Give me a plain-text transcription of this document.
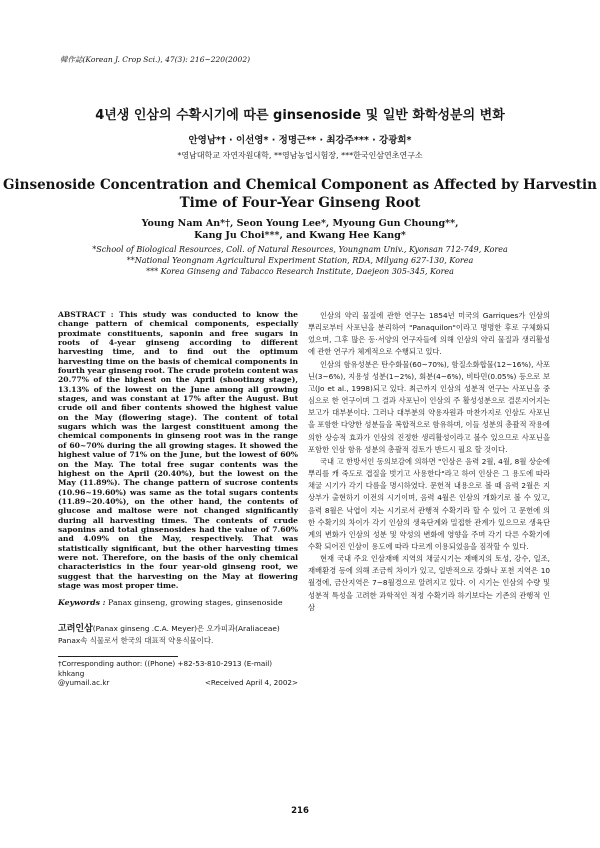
韓作誌(Korean J. Crop Sci.), 47(3): 216~220(2002)
4년생 인삼의 수확시기에 따른 ginsenoside 및 일반 화학성분의 변화
안영남*† · 이선영* · 정명근** · 최강주*** · 강광희*
*영남대학교 자연자원대학, **영남농업시험장, ***한국인삼연초연구소
Ginsenoside Concentration and Chemical Component as Affected by Harvestin Time of Four-Year Ginseng Root
Young Nam An*†, Seon Young Lee*, Myoung Gun Choung**,
Kang Ju Choi***, and Kwang Hee Kang*
*School of Biological Resources, Coll. of Natural Resources, Youngnam Univ., Kyonsan 712-749, Korea
**National Yeongnam Agricultural Experiment Station, RDA, Milyang 627-130, Korea
*** Korea Ginseng and Tabacco Research Institute, Daejeon 305-345, Korea

ABSTRACT : This study was conducted to know the change pattern of chemical components, especially proximate constituents, saponin and free sugars in roots of 4-year ginseng according to different harvesting time, and to find out the optimum harvesting time on the basis of chemical components in fourth year ginseng root. The crude protein content was 20.77% of the highest on the April (shootinzg stage), 13.13% of the lowest on the June among all growing stages, and was constant at 17% after the August. But crude oil and fiber contents showed the highest value on the May (flowering stage). The content of total sugars which was the largest constituent among the chemical components in ginseng root was in the range of 60~70% during the all growing stages. It showed the highest value of 71% on the June, but the lowest of 60% on the May. The total free sugar contents was the highest on the April (20.40%), but the lowest on the May (11.89%). The change pattern of sucrose contents (10.96~19.60%) was same as the total sugars contents (11.89~20.40%), on the other hand, the contents of glucose and maltose were not changed significantly during all harvesting times. The contents of crude saponins and total ginsenosides had the value of 7.60% and 4.09% on the May, respectively. That was statistically significant, but the other harvesting times were not. Therefore, on the basis of the only chemical characteristics in the four year-old ginseng root, we suggest that the harvesting on the May at flowering stage was most proper time.

Keywords : Panax ginseng, growing stages, ginsenoside
고려인삼(Panax ginseng .C.A. Meyer)은 오가피과(Araliaceae)
Panax속 식물로서 한국의 대표적 약용식물이다.
†Corresponding author: ((Phone) +82-53-810-2913 (E-mail) khkang
@yumail.ac.kr	<Received April 4, 2002>

인삼의 약리 물질에 관한 연구는 1854년 미국의 Garriques가 인삼의 뿌리로부터 사포닌을 분리하여 "Panaquilon"이라고 명명한 후로 구체화되었으며, 그후 많은 동·서양의 연구자들에 의해 인삼의 약리 물질과 생리활성에 관한 연구가 체계적으로 수행되고 있다.

인삼의 함유성분은 탄수화물(60~70%), 함질소화합물(12~16%), 사포닌(3~6%), 지용성 성분(1~2%), 회분(4~6%), 비타민(0.05%) 등으로 보고(Jo et al., 1998)되고 있다. 최근까지 인삼의 성분적 연구는 사포닌을 중심으로 한 연구이며 그 결과 사포닌이 인삼의 주 활성성분으로 결론지어지는 보고가 대부분이다. 그러나 대부분의 약용자원과 마찬가지로 인삼도 사포닌을 포함한 다양한 성분들을 복합적으로 함유하며, 이들 성분의 총괄적 작용에 의한 상승적 효과가 인삼의 진정한 생리활성이라고 볼수 있으므로 사포닌을 포함한 인삼 함유 성분의 총괄적 검토가 반드시 필요 할 것이다.

국내 고 한방서인 동의보감에 의하면 "인삼은 음력 2월, 4월, 8월 상순에 뿌리를 캐 죽도로 겹질을 벗기고 사용한다"라고 하여 인삼은 그 용도에 따라 채굴 시기가 각기 다름을 명시하였다. 문헌적 내용으로 볼 때 음력 2월은 지상부가 출현하기 이전의 시기이며, 음력 4월은 인삼의 개화기로 볼 수 있고, 음력 8월은 낙엽이 지는 시기로서 관행적 수확기라 할 수 있어 고 문헌에 의한 수확기의 차이가 각기 인삼의 생육단계와 밀접한 관계가 있으므로 생육단계의 변화가 인삼의 성분 및 약성의 변화에 영향을 주며 각기 다른 수확기에 수확 되어진 인삼이 용도에 따라 다르게 이용되었음을 짐작할 수 있다.

현재 국내 주요 인삼재배 지역의 채굴시기는 재배지의 토성, 강수, 일조, 재배환경 등에 의해 조금씩 차이가 있고, 일반적으로 강화나 포천 지역은 10월경에, 금산지역은 7~8월경으로 알려지고 있다. 이 시기는 인삼의 수량 및 성분적 특성을 고려한 과학적인 적정 수확기라 하기보다는 기존의 관행적 인삼

216
